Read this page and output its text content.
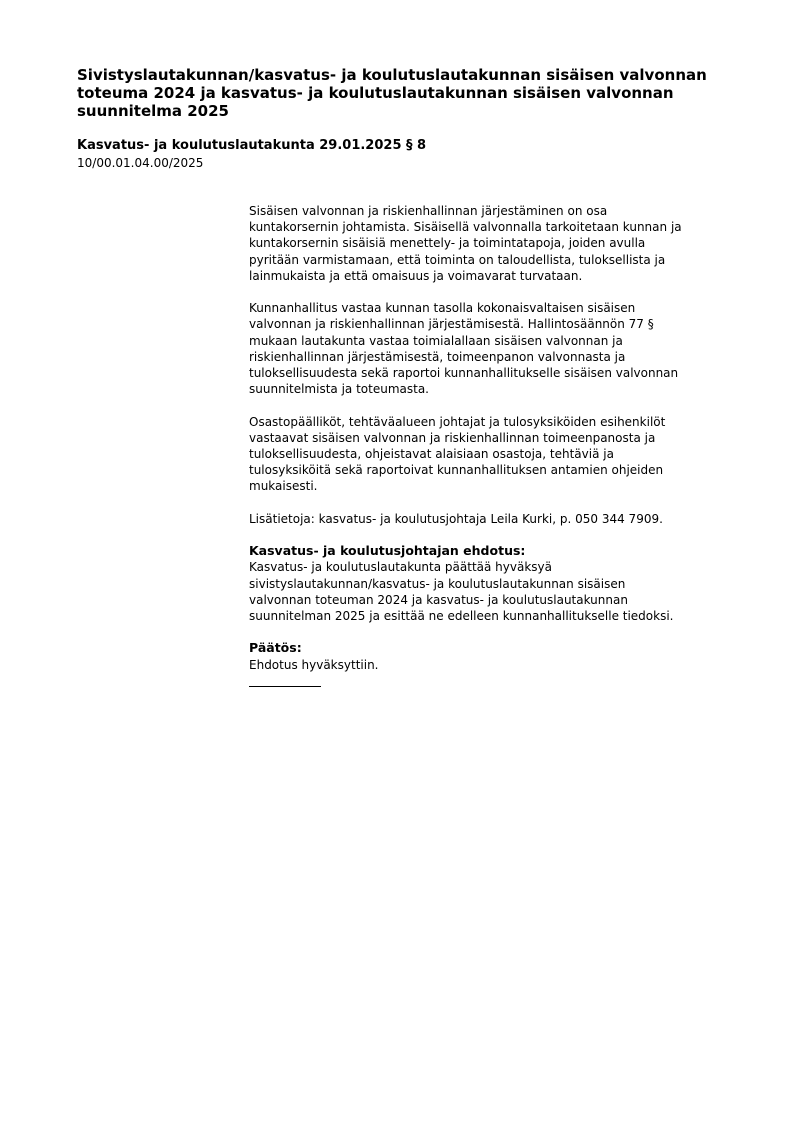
Sivistyslautakunnan/kasvatus- ja koulutuslautakunnan sisäisen valvonnan
toteuma 2024 ja kasvatus- ja koulutuslautakunnan sisäisen valvonnan
suunnitelma 2025
Kasvatus- ja koulutuslautakunta 29.01.2025 § 8
10/00.01.04.00/2025
Sisäisen valvonnan ja riskienhallinnan järjestäminen on osa
kuntakorsernin johtamista. Sisäisellä valvonnalla tarkoitetaan kunnan ja
kuntakorsernin sisäisiä menettely- ja toimintatapoja, joiden avulla
pyritään varmistamaan, että toiminta on taloudellista, tuloksellista ja
lainmukaista ja että omaisuus ja voimavarat turvataan.
Kunnanhallitus vastaa kunnan tasolla kokonaisvaltaisen sisäisen
valvonnan ja riskienhallinnan järjestämisestä. Hallintosäännön 77 §
mukaan lautakunta vastaa toimialallaan sisäisen valvonnan ja
riskienhallinnan järjestämisestä, toimeenpanon valvonnasta ja
tuloksellisuudesta sekä raportoi kunnanhallitukselle sisäisen valvonnan
suunnitelmista ja toteumasta.
Osastopäälliköt, tehtäväalueen johtajat ja tulosyksiköiden esihenkilöt
vastaavat sisäisen valvonnan ja riskienhallinnan toimeenpanosta ja
tuloksellisuudesta, ohjeistavat alaisiaan osastoja, tehtäviä ja
tulosyksiköitä sekä raportoivat kunnanhallituksen antamien ohjeiden
mukaisesti.
Lisätietoja: kasvatus- ja koulutusjohtaja Leila Kurki, p. 050 344 7909.
Kasvatus- ja koulutusjohtajan ehdotus:
Kasvatus- ja koulutuslautakunta päättää hyväksyä
sivistyslautakunnan/kasvatus- ja koulutuslautakunnan sisäisen
valvonnan toteuman 2024 ja kasvatus- ja koulutuslautakunnan
suunnitelman 2025 ja esittää ne edelleen kunnanhallitukselle tiedoksi.
Päätös:
Ehdotus hyväksyttiin.
